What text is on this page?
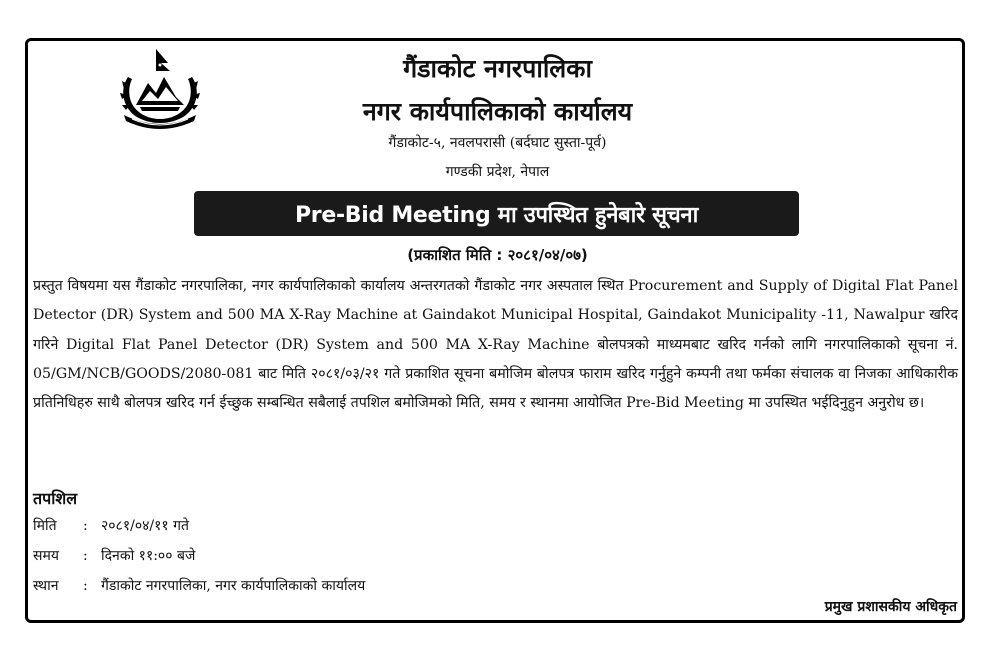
गैंडाकोट नगरपालिका
नगर कार्यपालिकाको कार्यालय
गैंडाकोट-५, नवलपरासी (बर्दघाट सुस्ता-पूर्व)
गण्डकी प्रदेश, नेपाल
Pre-Bid Meeting मा उपस्थित हुनेबारे सूचना
(प्रकाशित मिति : २०८१/०४/०७)

प्रस्तुत विषयमा यस गैंडाकोट नगरपालिका, नगर कार्यपालिकाको कार्यालय अन्तरगतको गैंडाकोट नगर अस्पताल स्थित Procurement and Supply of Digital Flat Panel Detector (DR) System and 500 MA X-Ray Machine at Gaindakot Municipal Hospital, Gaindakot Municipality -11, Nawalpur खरिद गरिने Digital Flat Panel Detector (DR) System and 500 MA X-Ray Machine बोलपत्रको माध्यमबाट खरिद गर्नको लागि नगरपालिकाको सूचना नं. 05/GM/NCB/GOODS/2080-081 बाट मिति २०८१/०३/२१ गते प्रकाशित सूचना बमोजिम बोलपत्र फाराम खरिद गर्नुहुने कम्पनी तथा फर्मका संचालक वा निजका आधिकारीक प्रतिनिधिहरु साथै बोलपत्र खरिद गर्न ईच्छुक सम्बन्धित सबैलाई तपशिल बमोजिमको मिति, समय र स्थानमा आयोजित Pre-Bid Meeting मा उपस्थित भईदिनुहुन अनुरोध छ।

तपशिल
मिति	: २०८१/०४/११ गते
समय	: दिनको ११:०० बजे
स्थान	: गैंडाकोट नगरपालिका, नगर कार्यपालिकाको कार्यालय
प्रमुख प्रशासकीय अधिकृत
